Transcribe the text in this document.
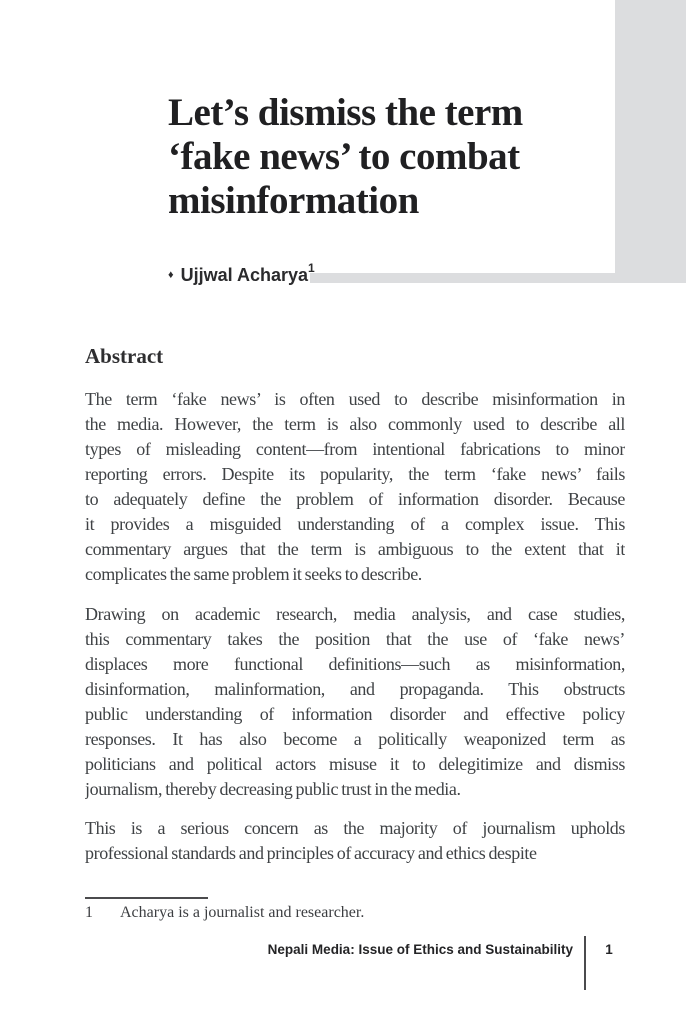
Let’s dismiss the term
‘fake news’ to combat
misinformation
♦ Ujjwal Acharya$^1$
Abstract
The term ‘fake news’ is often used to describe misinformation in
the media. However, the term is also commonly used to describe all
types of misleading content—from intentional fabrications to minor
reporting errors. Despite its popularity, the term ‘fake news’ fails
to adequately define the problem of information disorder. Because
it provides a misguided understanding of a complex issue. This
commentary argues that the term is ambiguous to the extent that it
complicates the same problem it seeks to describe.
Drawing on academic research, media analysis, and case studies,
this commentary takes the position that the use of ‘fake news’
displaces more functional definitions—such as misinformation,
disinformation, malinformation, and propaganda. This obstructs
public understanding of information disorder and effective policy
responses. It has also become a politically weaponized term as
politicians and political actors misuse it to delegitimize and dismiss
journalism, thereby decreasing public trust in the media.
This is a serious concern as the majority of journalism upholds
professional standards and principles of accuracy and ethics despite
1	Acharya is a journalist and researcher.
Nepali Media: Issue of Ethics and Sustainability	1
